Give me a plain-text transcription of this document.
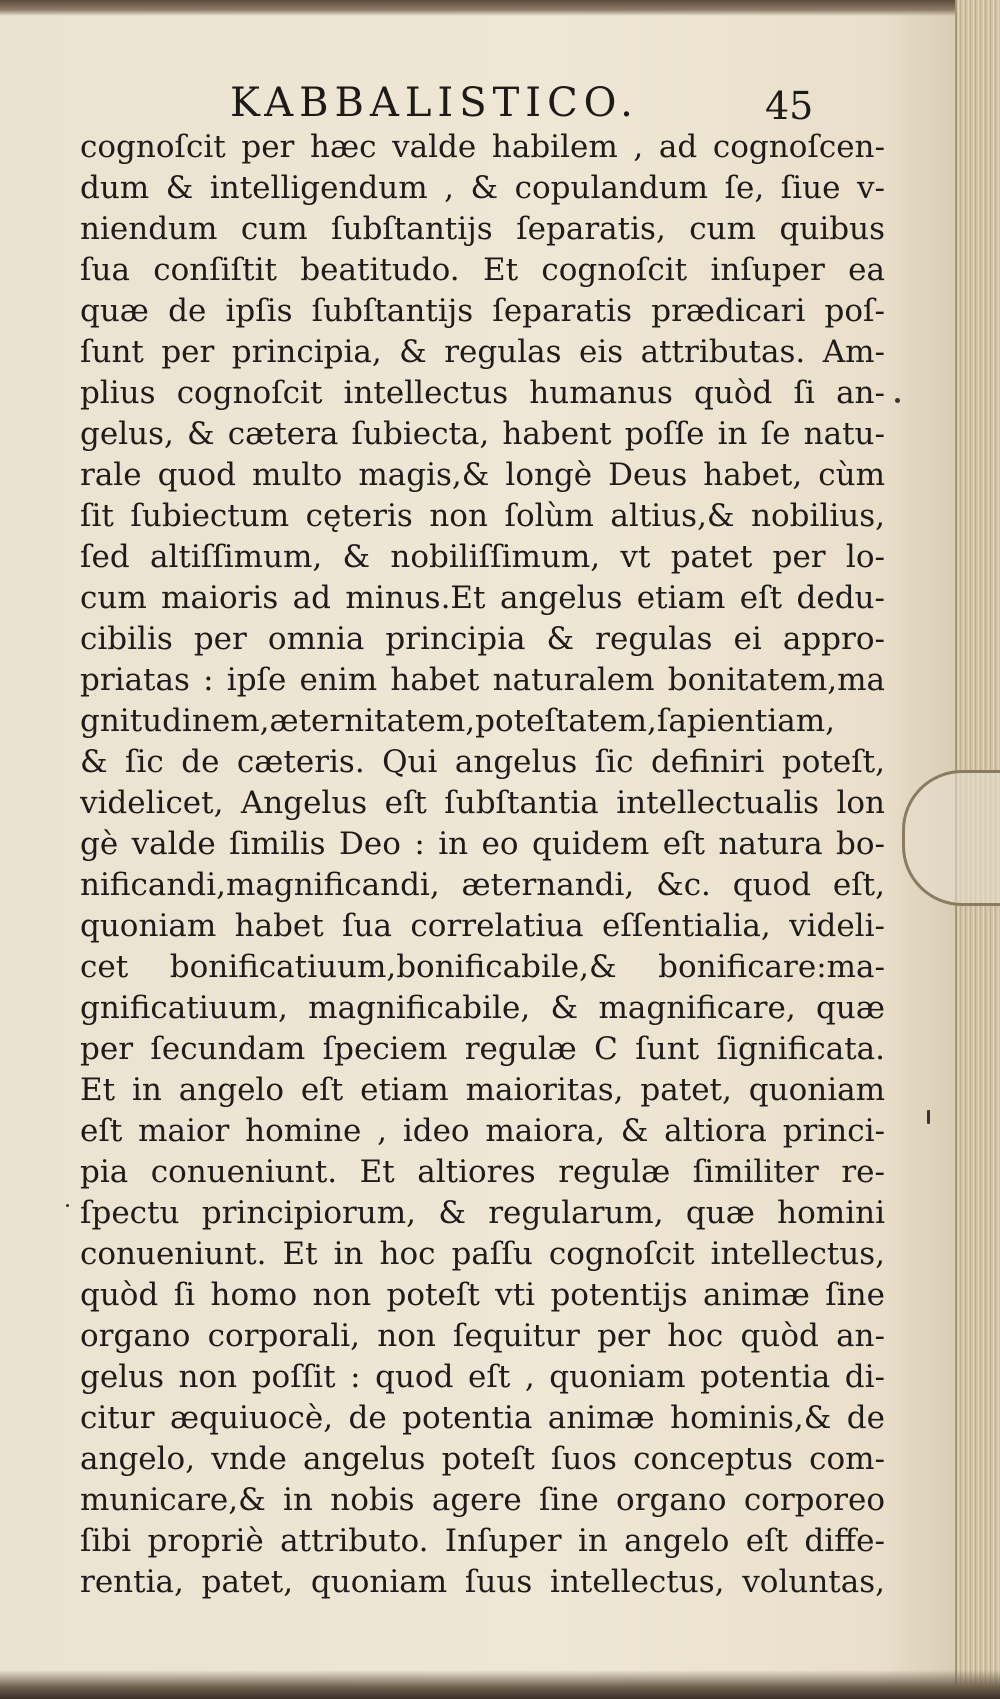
KABBALISTICO.	45
cognoſcit per hæc valde habilem , ad cognoſcen-
dum & intelligendum , & copulandum ſe, ſiue v-
niendum cum ſubſtantijs ſeparatis, cum quibus
ſua conſiſtit beatitudo. Et cognoſcit inſuper ea
quæ de ipſis ſubſtantijs ſeparatis prædicari poſ-
ſunt per principia, & regulas eis attributas. Am-
plius cognoſcit intellectus humanus quòd ſi an-
gelus, & cætera ſubiecta, habent poſſe in ſe natu-
rale quod multo magis,& longè Deus habet, cùm
ſit ſubiectum cęteris non ſolùm altius,& nobilius,
ſed altiſſimum, & nobiliſſimum, vt patet per lo-
cum maioris ad minus.Et angelus etiam eſt dedu-
cibilis per omnia principia & regulas ei appro-
priatas : ipſe enim habet naturalem bonitatem,ma
gnitudinem,æternitatem,poteſtatem,ſapientiam,
& ſic de cæteris. Qui angelus ſic definiri poteſt,
videlicet, Angelus eſt ſubſtantia intellectualis lon
gè valde ſimilis Deo : in eo quidem eſt natura bo-
nificandi,magnificandi, æternandi, &c. quod eſt,
quoniam habet ſua correlatiua eſſentialia, videli-
cet bonificatiuum,bonificabile,& bonificare:ma-
gnificatiuum, magnificabile, & magnificare, quæ
per ſecundam ſpeciem regulæ C ſunt ſignificata.
Et in angelo eſt etiam maioritas, patet, quoniam
eſt maior homine , ideo maiora, & altiora princi-
pia conueniunt. Et altiores regulæ ſimiliter re-
ſpectu principiorum, & regularum, quæ homini
conueniunt. Et in hoc paſſu cognoſcit intellectus,
quòd ſi homo non poteſt vti potentijs animæ ſine
organo corporali, non ſequitur per hoc quòd an-
gelus non poſſit : quod eſt , quoniam potentia di-
citur æquiuocè, de potentia animæ hominis,& de
angelo, vnde angelus poteſt ſuos conceptus com-
municare,& in nobis agere ſine organo corporeo
ſibi propriè attributo. Inſuper in angelo eſt diffe-
rentia, patet, quoniam ſuus intellectus, voluntas,
